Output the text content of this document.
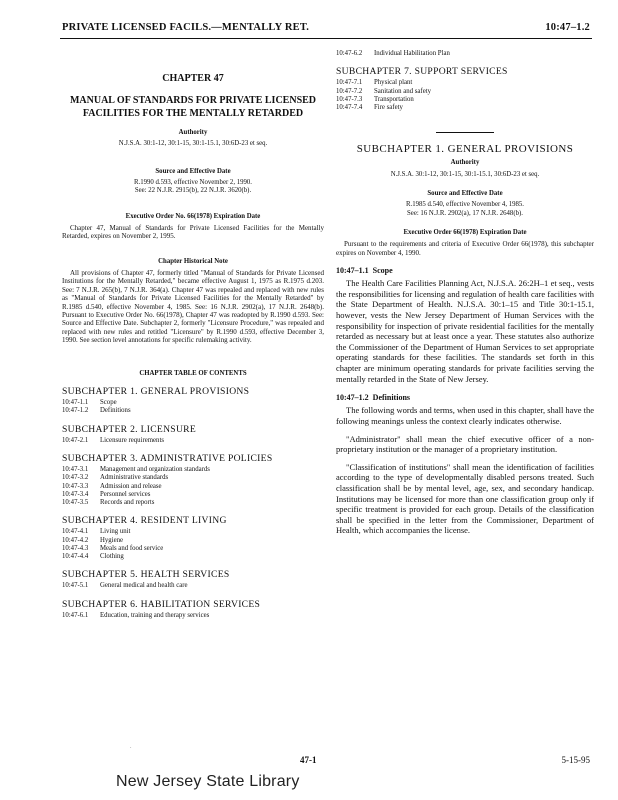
PRIVATE LICENSED FACILS.—MENTALLY RET.	10:47–1.2
CHAPTER 47
MANUAL OF STANDARDS FOR PRIVATE LICENSED FACILITIES FOR THE MENTALLY RETARDED
Authority
N.J.S.A. 30:1-12, 30:1-15, 30:1-15.1, 30:6D-23 et seq.
Source and Effective Date
R.1990 d.593, effective November 2, 1990.
See: 22 N.J.R. 2915(b), 22 N.J.R. 3620(b).
Executive Order No. 66(1978) Expiration Date

Chapter 47, Manual of Standards for Private Licensed Facilities for the Mentally Retarded, expires on November 2, 1995.

Chapter Historical Note

All provisions of Chapter 47, formerly titled "Manual of Standards for Private Licensed Institutions for the Mentally Retarded," became effective August 1, 1975 as R.1975 d.203. See: 7 N.J.R. 265(b), 7 N.J.R. 364(a). Chapter 47 was repealed and replaced with new rules as "Manual of Standards for Private Licensed Facilities for the Mentally Retarded" by R.1985 d.540, effective November 4, 1985. See: 16 N.J.R. 2902(a), 17 N.J.R. 2648(b). Pursuant to Executive Order No. 66(1978), Chapter 47 was readopted by R.1990 d.593. See: Source and Effective Date. Subchapter 2, formerly "Licensure Procedure," was repealed and replaced with new rules and retitled "Licensure" by R.1990 d.593, effective December 3, 1990. See section level annotations for specific rulemaking activity.

CHAPTER TABLE OF CONTENTS
SUBCHAPTER 1. GENERAL PROVISIONS
10:47-1.1	Scope
10:47-1.2	Definitions
SUBCHAPTER 2. LICENSURE
10:47-2.1	Licensure requirements
SUBCHAPTER 3. ADMINISTRATIVE POLICIES
10:47-3.1	Management and organization standards
10:47-3.2	Administrative standards
10:47-3.3	Admission and release
10:47-3.4	Personnel services
10:47-3.5	Records and reports
SUBCHAPTER 4. RESIDENT LIVING
10:47-4.1	Living unit
10:47-4.2	Hygiene
10:47-4.3	Meals and food service
10:47-4.4	Clothing
SUBCHAPTER 5. HEALTH SERVICES
10:47-5.1	General medical and health care
SUBCHAPTER 6. HABILITATION SERVICES
10:47-6.1	Education, training and therapy services
10:47-6.2	Individual Habilitation Plan
SUBCHAPTER 7. SUPPORT SERVICES
10:47-7.1	Physical plant
10:47-7.2	Sanitation and safety
10:47-7.3	Transportation
10:47-7.4	Fire safety
SUBCHAPTER 1. GENERAL PROVISIONS
Authority
N.J.S.A. 30:1-12, 30:1-15, 30:1-15.1, 30:6D-23 et seq.
Source and Effective Date
R.1985 d.540, effective November 4, 1985.
See: 16 N.J.R. 2902(a), 17 N.J.R. 2648(b).
Executive Order 66(1978) Expiration Date

Pursuant to the requirements and criteria of Executive Order 66(1978), this subchapter expires on November 4, 1990.

10:47–1.1 Scope

The Health Care Facilities Planning Act, N.J.S.A. 26:2H–1 et seq., vests the responsibilities for licensing and regulation of health care facilities with the State Department of Health. N.J.S.A. 30:1–15 and Title 30:1-15.1, however, vests the New Jersey Department of Human Services with the responsibility for inspection of private residential facilities for the mentally retarded as necessary but at least once a year. These statutes also authorize the Commissioner of the Department of Human Services to set appropriate operating standards for these facilities. The standards set forth in this chapter are minimum operating standards for private facilities serving the mentally retarded in the State of New Jersey.

10:47–1.2 Definitions

The following words and terms, when used in this chapter, shall have the following meanings unless the context clearly indicates otherwise.

"Administrator" shall mean the chief executive officer of a non-proprietary institution or the manager of a proprietary institution.

"Classification of institutions" shall mean the identification of facilities according to the type of developmentally disabled persons treated. Such classification shall be by mental level, age, sex, and secondary handicap. Institutions may be licensed for more than one classification group only if specific treatment is provided for each group. Details of the classification shall be specified in the letter from the Commissioner, Department of Health, which accompanies the license.

.
47-1	5-15-95
New Jersey State Library
